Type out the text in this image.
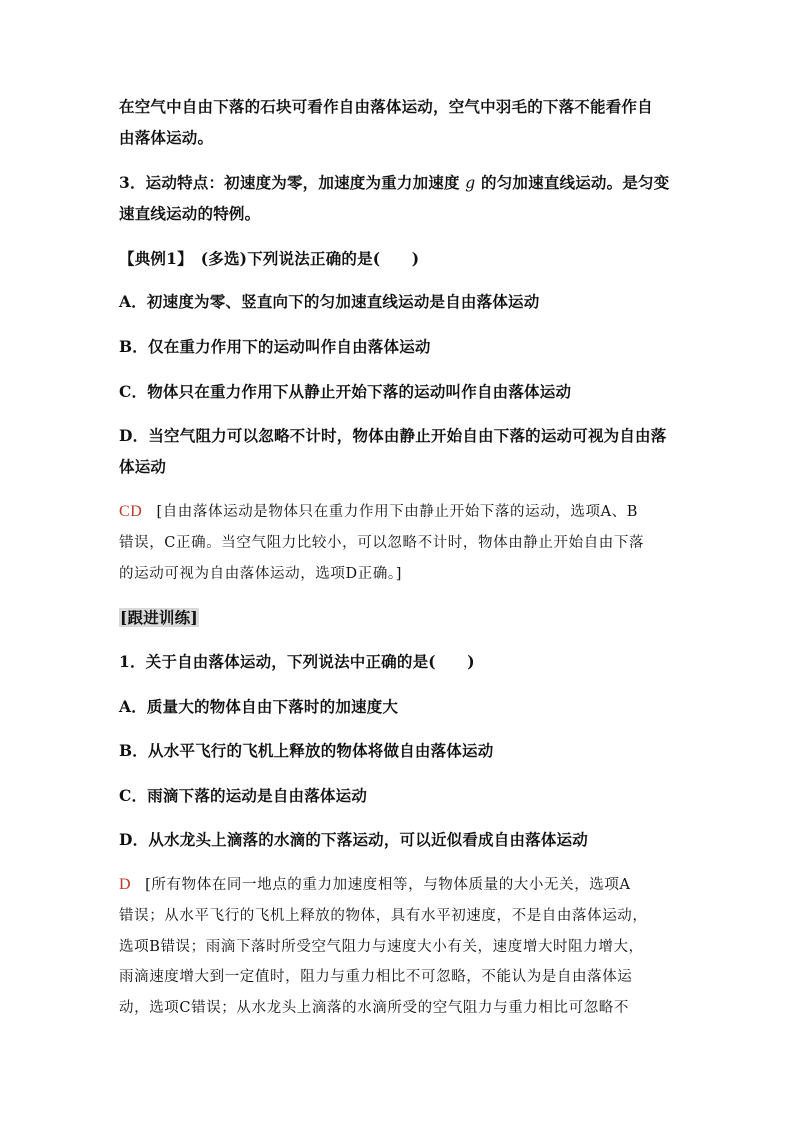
在空气中自由下落的石块可看作自由落体运动，空气中羽毛的下落不能看作自
由落体运动。
3．运动特点：初速度为零，加速度为重力加速度 g 的匀加速直线运动。是匀变
速直线运动的特例。
【典例1】　(多选)下列说法正确的是(　　)
A．初速度为零、竖直向下的匀加速直线运动是自由落体运动
B．仅在重力作用下的运动叫作自由落体运动
C．物体只在重力作用下从静止开始下落的运动叫作自由落体运动
D．当空气阻力可以忽略不计时，物体由静止开始自由下落的运动可视为自由落
体运动
CD [自由落体运动是物体只在重力作用下由静止开始下落的运动，选项A、B
错误，C正确。当空气阻力比较小，可以忽略不计时，物体由静止开始自由下落
的运动可视为自由落体运动，选项D正确。]
[跟进训练]
1．关于自由落体运动，下列说法中正确的是(　　)
A．质量大的物体自由下落时的加速度大
B．从水平飞行的飞机上释放的物体将做自由落体运动
C．雨滴下落的运动是自由落体运动
D．从水龙头上滴落的水滴的下落运动，可以近似看成自由落体运动
D [所有物体在同一地点的重力加速度相等，与物体质量的大小无关，选项A
错误；从水平飞行的飞机上释放的物体，具有水平初速度，不是自由落体运动，
选项B错误；雨滴下落时所受空气阻力与速度大小有关，速度增大时阻力增大，
雨滴速度增大到一定值时，阻力与重力相比不可忽略，不能认为是自由落体运
动，选项C错误；从水龙头上滴落的水滴所受的空气阻力与重力相比可忽略不
